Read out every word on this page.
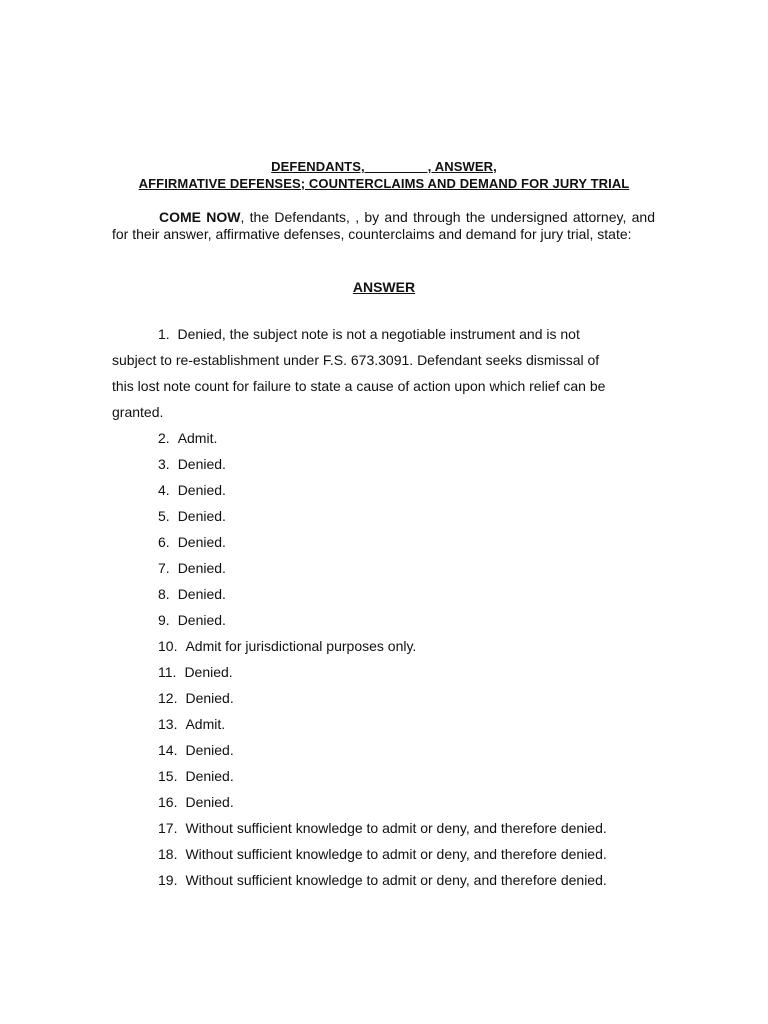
DEFENDANTS,                 , ANSWER,
AFFIRMATIVE DEFENSES; COUNTERCLAIMS AND DEMAND FOR JURY TRIAL

COME NOW, the Defendants, , by and through the undersigned attorney, and for their answer, affirmative defenses, counterclaims and demand for jury trial, state:

ANSWER
1. Denied, the subject note is not a negotiable instrument and is not
subject to re-establishment under F.S. 673.3091. Defendant seeks dismissal of
this lost note count for failure to state a cause of action upon which relief can be
granted.
2. Admit.
3. Denied.
4. Denied.
5. Denied.
6. Denied.
7. Denied.
8. Denied.
9. Denied.
10. Admit for jurisdictional purposes only.
11. Denied.
12. Denied.
13. Admit.
14. Denied.
15. Denied.
16. Denied.
17. Without sufficient knowledge to admit or deny, and therefore denied.
18. Without sufficient knowledge to admit or deny, and therefore denied.
19. Without sufficient knowledge to admit or deny, and therefore denied.
